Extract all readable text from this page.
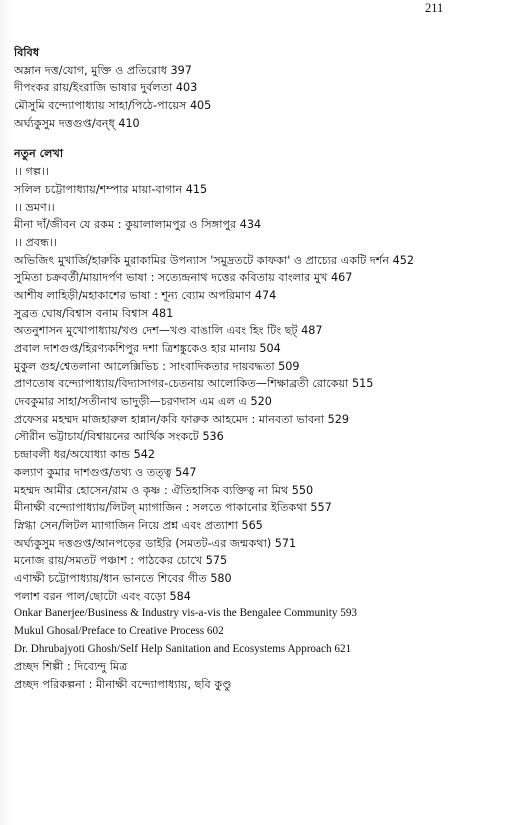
211
বিবিধ
অম্লান দত্ত/যোগ, মুক্তি ও প্রতিরোধ 397
দীপংকর রায়/ইংরাজি ভাষার দুর্বলতা 403
মৌসুমি বন্দ্যোপাধ্যায় সাহা/পিঠে-পায়েস 405
অর্ঘ্যকুসুম দত্তগুপ্ত/বন্ধ্‌ 410
নতুন লেখা
।। গল্প।।
সলিল চট্টোপাধ্যায়/শম্পার মায়া-বাগান 415
।। ভ্রমণ।।
মীনা দাঁ/জীবন যে রকম : কুয়ালালামপুর ও সিঙ্গাপুর 434
।। প্রবন্ধ।।
অভিজিৎ মুখার্জি/হারুকি মুরাকামির উপন্যাস 'সমুদ্রতটে কাফকা' ও প্রাচ্যের একটি দর্শন 452
সুমিতা চক্রবর্তী/মায়াদর্পণ ভাষা : সত্যেন্দ্রনাথ দত্তের কবিতায় বাংলার মুখ 467
আশীষ লাহিড়ী/মহাকাশের ভাষা : শূন্য ব্যোম অপরিমাণ 474
সুব্রত ঘোষ/বিশ্বাস বনাম বিশ্বাস 481
অতনুশাসন মুখোপাধ্যায়/খণ্ড দেশ—খণ্ড বাঙালি এবং হিং টিং ছট্‌ 487
প্রবাল দাশগুপ্ত/হিরণ্যকশিপুর দশা ত্রিশঙ্কুকেও হার মানায় 504
মুকুল গুহ/শ্বেতলানা আলেক্সিভিচ : সাংবাদিকতার দায়বদ্ধতা 509
প্রাণতোষ বন্দ্যোপাধ্যায়/বিদ্যাসাগর-চেতনায় আলোকিত—শিক্ষাব্রতী রোকেয়া 515
দেবকুমার সাহা/সতীনাথ ভাদুড়ী—চরণদাস এম এল এ 520
প্রফেসর মহম্মদ মাজহারুল হান্নান/কবি ফারুক আহমেদ : মানবতা ভাবনা 529
সৌরীন ভট্টাচার্য/বিশ্বায়নের আর্থিক সংকটে 536
চন্দ্রাবলী ধর/অযোধ্যা কান্ড 542
কল্যাণ কুমার দাশগুপ্ত/তথ্য ও তত্ত্ব 547
মহম্মদ আমীর হোসেন/রাম ও কৃষ্ণ : ঐতিহাসিক ব্যক্তিত্ব না মিথ 550
মীনাক্ষী বন্দ্যোপাধ্যায়/লিটল্‌ ম্যাগাজিন : সলতে পাকানোর ইতিকথা 557
স্নিগ্ধা সেন/লিটল ম্যাগাজিন নিয়ে প্রশ্ন এবং প্রত্যাশা 565
অর্ঘ্যকুসুম দত্তগুপ্ত/আনপড়ের ডাইরি (সমতট-এর জন্মকথা) 571
মনোজ রায়/সমতট পঞ্চাশ : পাঠকের চোখে 575
এণাক্ষী চট্টোপাধ্যায়/ধান ভানতে শিবের গীত 580
পলাশ বরন পাল/ছোটো এবং বড়ো 584
Onkar Banerjee/Business & Industry vis-a-vis the Bengalee Community 593
Mukul Ghosal/Preface to Creative Process 602
Dr. Dhrubajyoti Ghosh/Self Help Sanitation and Ecosystems Approach 621
প্রচ্ছদ শিল্পী : দিব্যেন্দু মিত্র
প্রচ্ছদ পরিকল্পনা : মীনাক্ষী বন্দ্যোপাধ্যায়, ছবি কুণ্ডু
